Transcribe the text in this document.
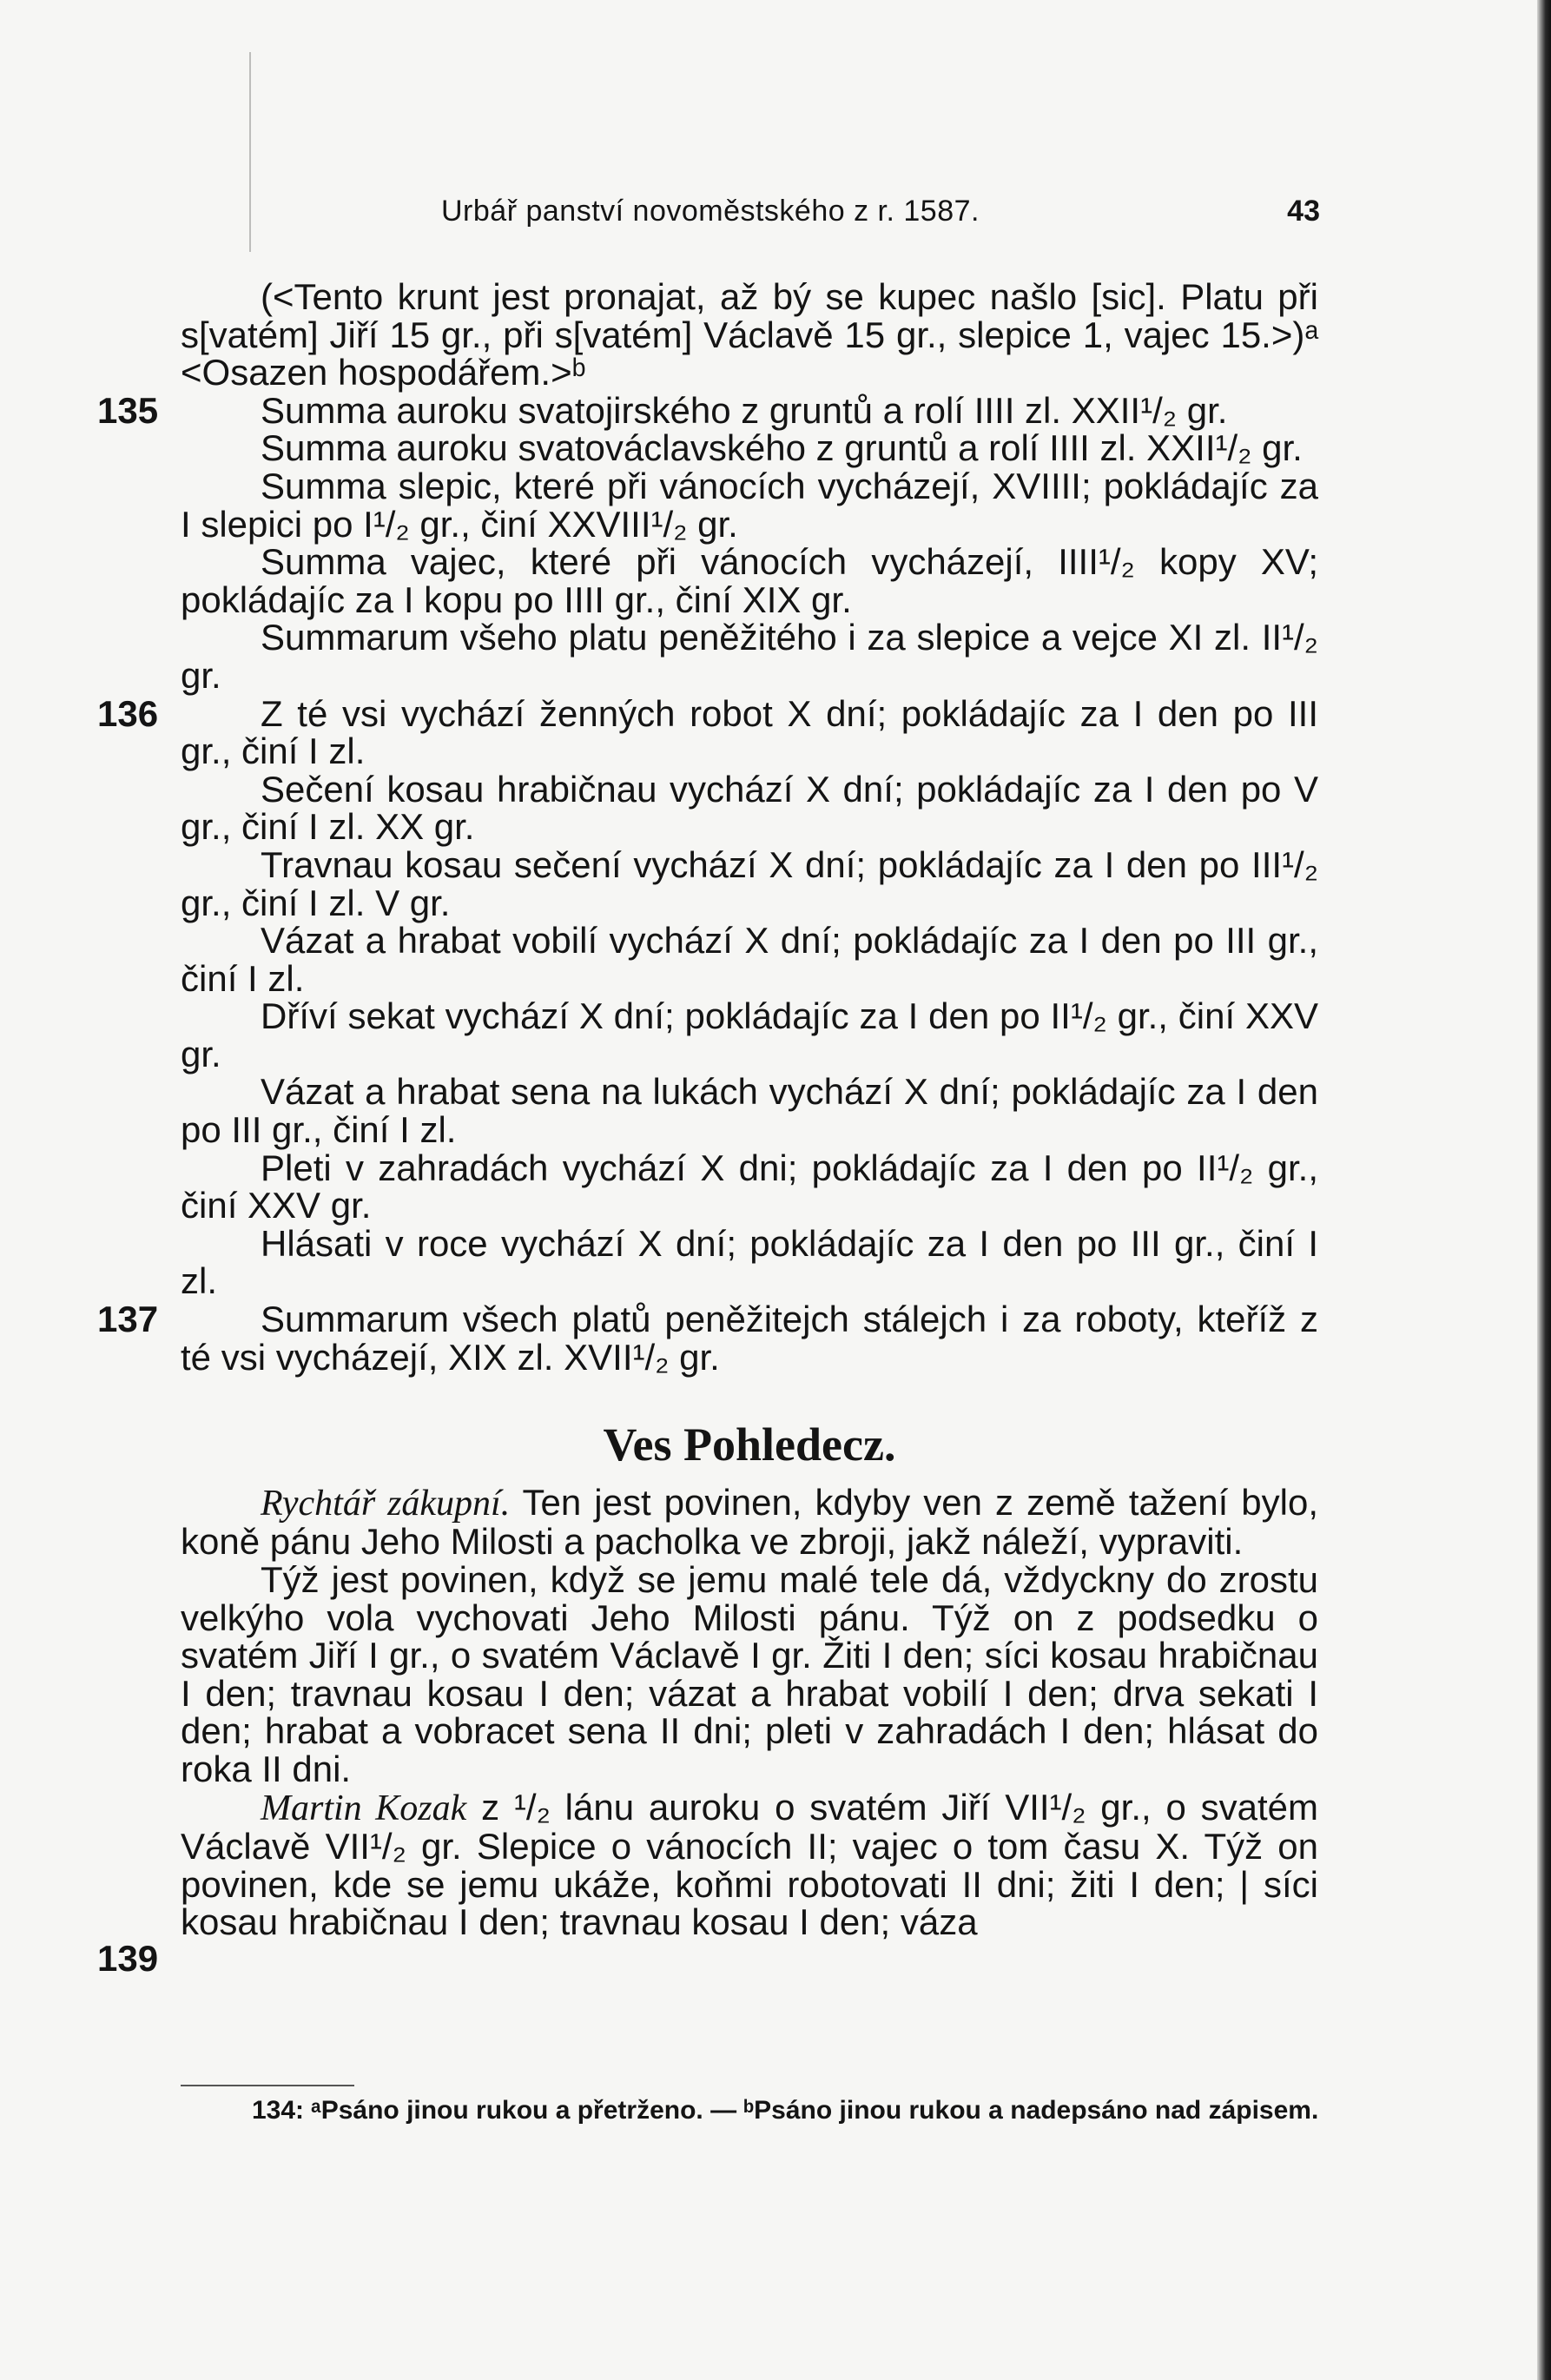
Urbář panství novoměstského z r. 1587.	43

(<Tento krunt jest pronajat, až bý se kupec našlo [sic]. Platu při s[vatém] Jiří 15 gr., při s[vatém] Václavě 15 gr., slepice 1, vajec 15.>)ᵃ <Osazen hospodářem.>ᵇ

135	Summa auroku svatojirského z gruntů a rolí IIII zl. XXII¹/₂ gr.

Summa auroku svatováclavského z gruntů a rolí IIII zl. XXII¹/₂ gr.

Summa slepic, které při vánocích vycházejí, XVIIII; pokládajíc za I slepici po I¹/₂ gr., činí XXVIII¹/₂ gr.

Summa vajec, které při vánocích vycházejí, IIII¹/₂ kopy XV; pokládajíc za I kopu po IIII gr., činí XIX gr.

Summarum všeho platu peněžitého i za slepice a vejce XI zl. II¹/₂ gr.

136	Z té vsi vychází ženných robot X dní; pokládajíc za I den po III gr., činí I zl.

Sečení kosau hrabičnau vychází X dní; pokládajíc za I den po V gr., činí I zl. XX gr.

Travnau kosau sečení vychází X dní; pokládajíc za I den po III¹/₂ gr., činí I zl. V gr.

Vázat a hrabat vobilí vychází X dní; pokládajíc za I den po III gr., činí I zl.

Dříví sekat vychází X dní; pokládajíc za I den po II¹/₂ gr., činí XXV gr.

Vázat a hrabat sena na lukách vychází X dní; pokládajíc za I den po III gr., činí I zl.

Pleti v zahradách vychází X dni; pokládajíc za I den po II¹/₂ gr., činí XXV gr.

Hlásati v roce vychází X dní; pokládajíc za I den po III gr., činí I zl.

137	Summarum všech platů peněžitejch stálejch i za roboty, kteříž z té vsi vycházejí, XIX zl. XVII¹/₂ gr.

Ves Pohledecz.

Rychtář zákupní. Ten jest povinen, kdyby ven z země tažení bylo, koně pánu Jeho Milosti a pacholka ve zbroji, jakž náleží, vypraviti.

Týž jest povinen, když se jemu malé tele dá, vždyckny do zrostu velkýho vola vychovati Jeho Milosti pánu. Týž on z podsedku o svatém Jiří I gr., o svatém Václavě I gr. Žiti I den; síci kosau hrabičnau I den; travnau kosau I den; vázat a hrabat vobilí I den; drva sekati I den; hrabat a vobracet sena II dni; pleti v zahradách I den; hlásat do roka II dni.

139
Martin Kozak z ¹/₂ lánu auroku o svatém Jiří VII¹/₂ gr., o svatém Václavě VII¹/₂ gr. Slepice o vánocích II; vajec o tom času X. Týž on povinen, kde se jemu ukáže, koňmi robotovati II dni; žiti I den; | síci kosau hrabičnau I den; travnau kosau I den; váza

134: ᵃPsáno jinou rukou a přetrženo. — ᵇPsáno jinou rukou a nadepsáno nad zápisem.
